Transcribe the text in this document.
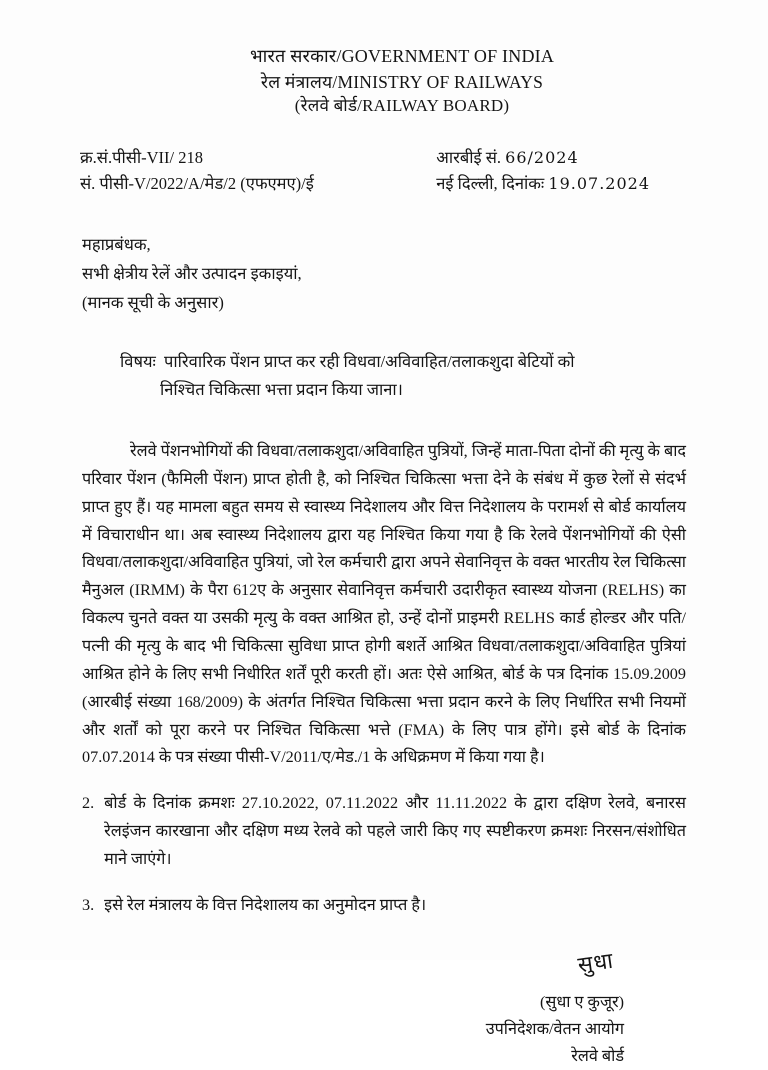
भारत सरकार/GOVERNMENT OF INDIA
रेल मंत्रालय/MINISTRY OF RAILWAYS
(रेलवे बोर्ड/RAILWAY BOARD)
क्र.सं.पीसी-VII/ 218
सं. पीसी-V/2022/A/मेड/2 (एफएमए)/ई
आरबीई सं. 66/2024
नई दिल्ली, दिनांकः 19.07.2024
महाप्रबंधक,
सभी क्षेत्रीय रेलें और उत्पादन इकाइयां,
(मानक सूची के अनुसार)
विषयः पारिवारिक पेंशन प्राप्त कर रही विधवा/अविवाहित/तलाकशुदा बेटियों को
निश्चित चिकित्सा भत्ता प्रदान किया जाना।
रेलवे पेंशनभोगियों की विधवा/तलाकशुदा/अविवाहित पुत्रियों, जिन्हें माता-पिता दोनों की मृत्यु के बाद परिवार पेंशन (फैमिली पेंशन) प्राप्त होती है, को निश्चित चिकित्सा भत्ता देने के संबंध में कुछ रेलों से संदर्भ प्राप्त हुए हैं। यह मामला बहुत समय से स्वास्थ्य निदेशालय और वित्त निदेशालय के परामर्श से बोर्ड कार्यालय में विचाराधीन था। अब स्वास्थ्य निदेशालय द्वारा यह निश्चित किया गया है कि रेलवे पेंशनभोगियों की ऐसी विधवा/तलाकशुदा/अविवाहित पुत्रियां, जो रेल कर्मचारी द्वारा अपने सेवानिवृत्त के वक्त भारतीय रेल चिकित्सा मैनुअल (IRMM) के पैरा 612ए के अनुसार सेवानिवृत्त कर्मचारी उदारीकृत स्वास्थ्य योजना (RELHS) का विकल्प चुनते वक्त या उसकी मृत्यु के वक्त आश्रित हो, उन्हें दोनों प्राइमरी RELHS कार्ड होल्डर और पति/पत्नी की मृत्यु के बाद भी चिकित्सा सुविधा प्राप्त होगी बशर्ते आश्रित विधवा/तलाकशुदा/अविवाहित पुत्रियां आश्रित होने के लिए सभी निधीरित शर्तें पूरी करती हों। अतः ऐसे आश्रित, बोर्ड के पत्र दिनांक 15.09.2009 (आरबीई संख्या 168/2009) के अंतर्गत निश्चित चिकित्सा भत्ता प्रदान करने के लिए निर्धारित सभी नियमों और शर्तों को पूरा करने पर निश्चित चिकित्सा भत्ते (FMA) के लिए पात्र होंगे। इसे बोर्ड के दिनांक 07.07.2014 के पत्र संख्या पीसी-V/2011/ए/मेड./1 के अधिक्रमण में किया गया है।
2. बोर्ड के दिनांक क्रमशः 27.10.2022, 07.11.2022 और 11.11.2022 के द्वारा दक्षिण रेलवे, बनारस रेलइंजन कारखाना और दक्षिण मध्य रेलवे को पहले जारी किए गए स्पष्टीकरण क्रमशः निरसन/संशोधित माने जाएंगे।
3. इसे रेल मंत्रालय के वित्त निदेशालय का अनुमोदन प्राप्त है।
सुधा
(सुधा ए कुजूर)
उपनिदेशक/वेतन आयोग
रेलवे बोर्ड
